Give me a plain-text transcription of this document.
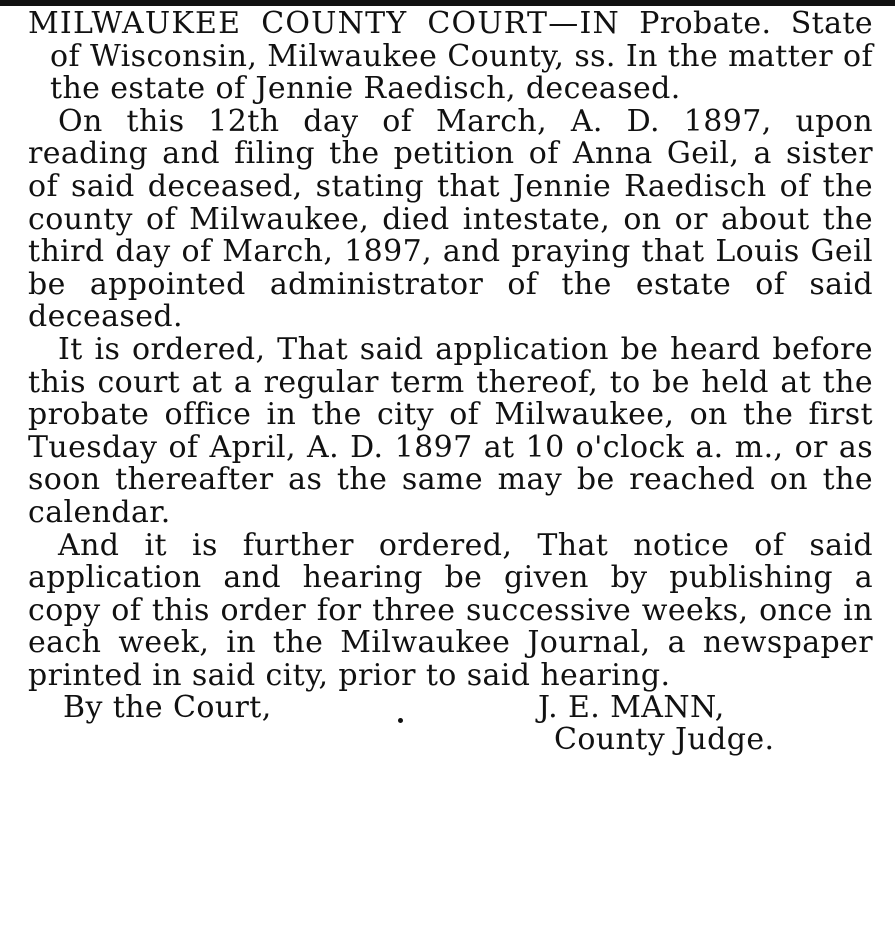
MILWAUKEE COUNTY COURT—IN Probate. State of Wisconsin, Milwaukee County, ss. In the matter of the estate of Jennie Raedisch, deceased.

On this 12th day of March, A. D. 1897, upon reading and filing the petition of Anna Geil, a sister of said deceased, stating that Jennie Raedisch of the county of Milwaukee, died intestate, on or about the third day of March, 1897, and praying that Louis Geil be appointed administrator of the estate of said deceased.

It is ordered, That said application be heard before this court at a regular term thereof, to be held at the probate office in the city of Milwaukee, on the first Tuesday of April, A. D. 1897 at 10 o'clock a. m., or as soon thereafter as the same may be reached on the calendar.

And it is further ordered, That notice of said application and hearing be given by publishing a copy of this order for three successive weeks, once in each week, in the Milwaukee Journal, a newspaper printed in said city, prior to said hearing.

By the Court,	J. E. MANN,
County Judge.
